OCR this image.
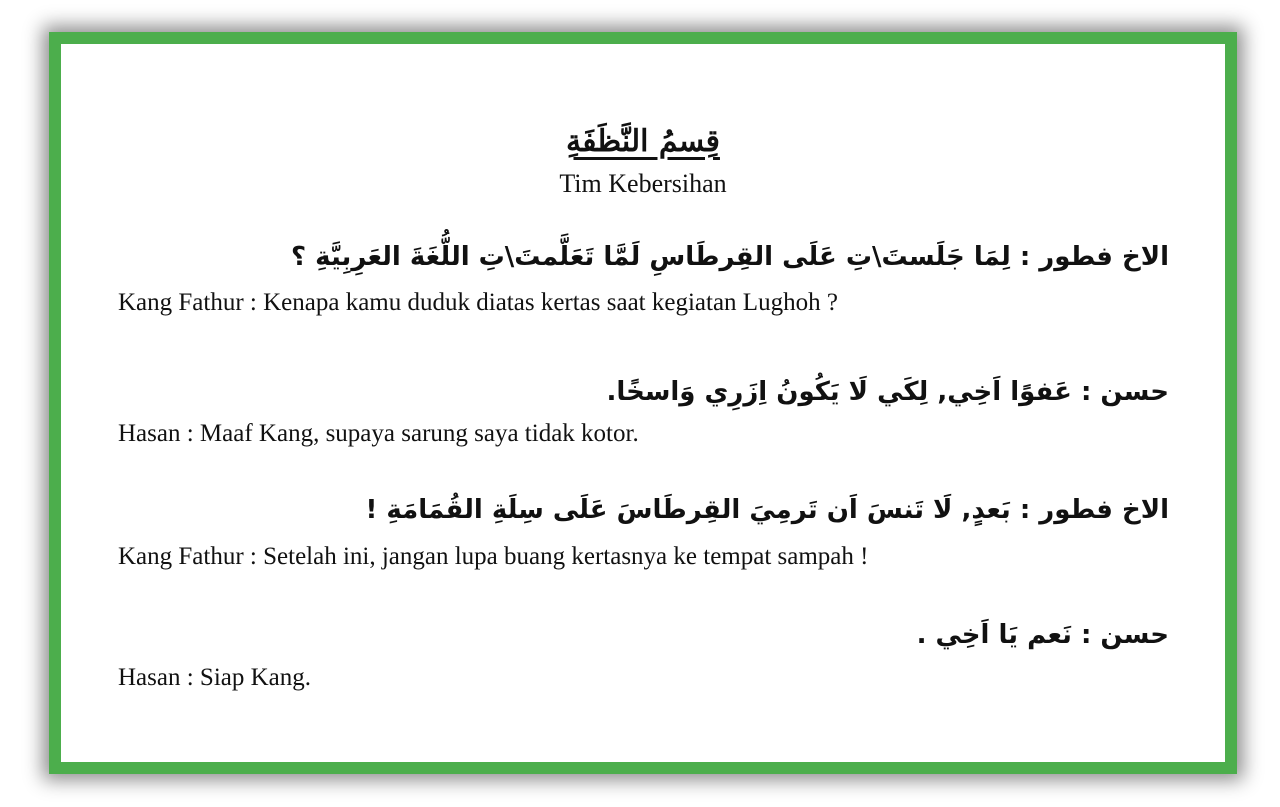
قِسمُ النَّظَفَةِ
Tim Kebersihan
الاخ فطور : لِمَا جَلَستَ\تِ عَلَى القِرطَاسِ لَمَّا تَعَلَّمتَ\تِ اللُّغَةَ العَرِبِيَّةِ ؟
Kang Fathur : Kenapa kamu duduk diatas kertas saat kegiatan Lughoh ?
حسن : عَفوًا اَخِي, لِكَي لَا يَكُونُ اِزَرِي وَاسخًا.
Hasan : Maaf Kang, supaya sarung saya tidak kotor.
الاخ فطور : بَعدٍ, لَا تَنسَ اَن تَرمِيَ القِرطَاسَ عَلَى سِلَةِ القُمَامَةِ !
Kang Fathur : Setelah ini, jangan lupa buang kertasnya ke tempat sampah !
حسن : نَعم يَا اَخِي .
Hasan : Siap Kang.
